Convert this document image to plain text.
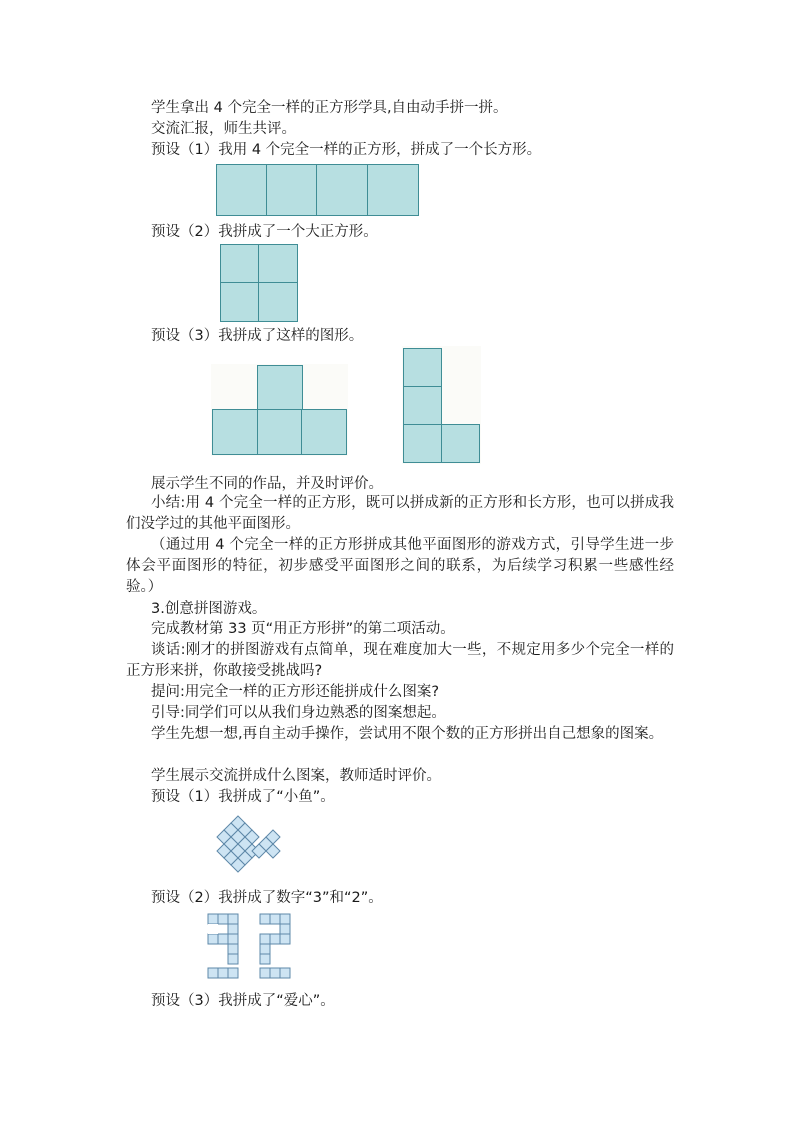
学生拿出 4 个完全一样的正方形学具,自由动手拼一拼。
交流汇报，师生共评。
预设（1）我用 4 个完全一样的正方形，拼成了一个长方形。
预设（2）我拼成了一个大正方形。
预设（3）我拼成了这样的图形。
展示学生不同的作品，并及时评价。
小结:用 4 个完全一样的正方形，既可以拼成新的正方形和长方形，也可以拼成我们没学过的其他平面图形。
（通过用 4 个完全一样的正方形拼成其他平面图形的游戏方式，引导学生进一步体会平面图形的特征，初步感受平面图形之间的联系，为后续学习积累一些感性经验。）
3.创意拼图游戏。
完成教材第 33 页“用正方形拼”的第二项活动。
谈话:刚才的拼图游戏有点简单，现在难度加大一些，不规定用多少个完全一样的正方形来拼，你敢接受挑战吗?
提问:用完全一样的正方形还能拼成什么图案?
引导:同学们可以从我们身边熟悉的图案想起。
学生先想一想,再自主动手操作，尝试用不限个数的正方形拼出自己想象的图案。
学生展示交流拼成什么图案，教师适时评价。
预设（1）我拼成了“小鱼”。
预设（2）我拼成了数字“3”和“2”。
预设（3）我拼成了“爱心”。
